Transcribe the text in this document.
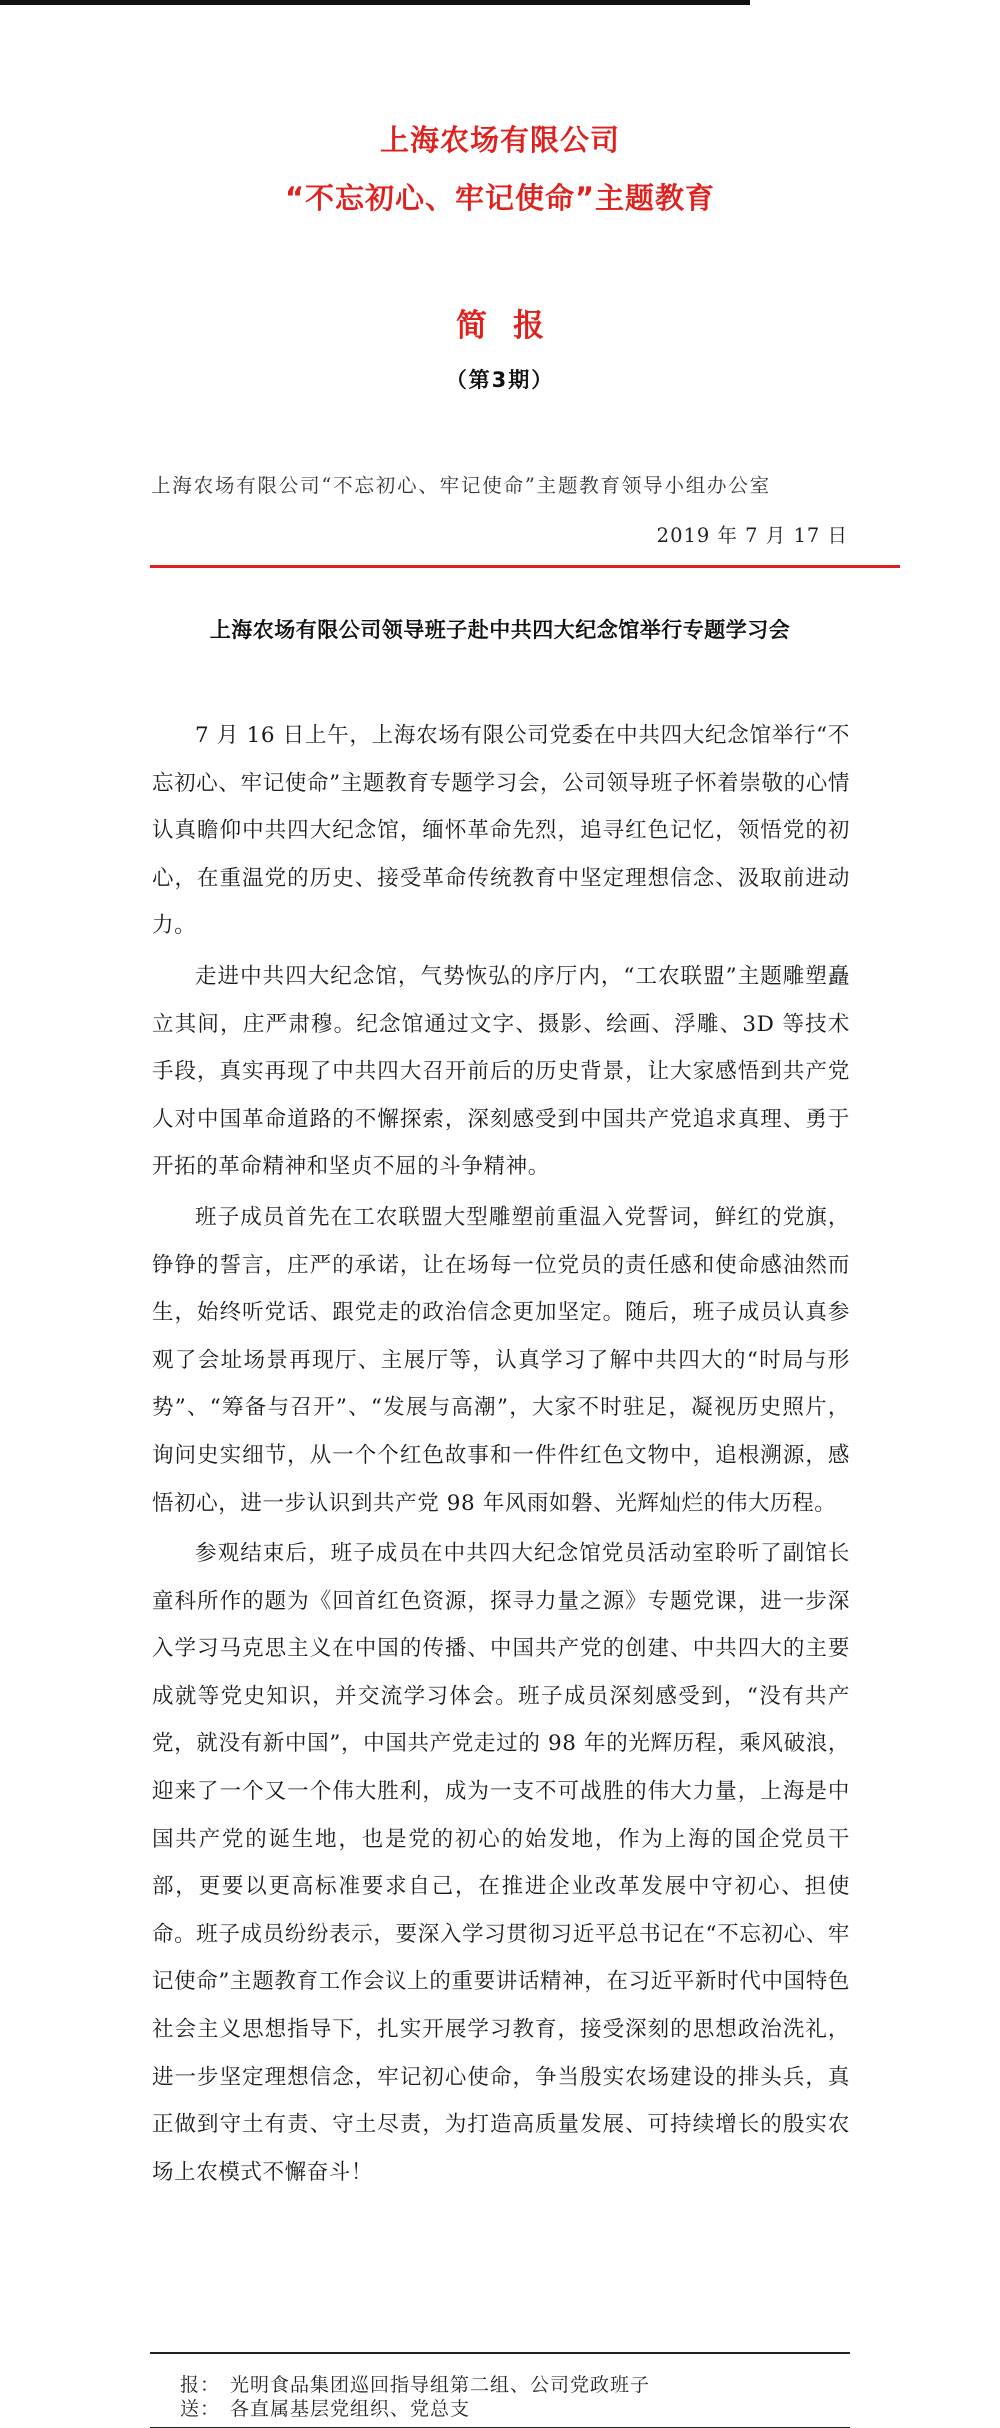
上海农场有限公司
“不忘初心、牢记使命”主题教育
简报
（第3期）
上海农场有限公司“不忘初心、牢记使命”主题教育领导小组办公室
2019 年 7 月 17 日
上海农场有限公司领导班子赴中共四大纪念馆举行专题学习会

7 月 16 日上午，上海农场有限公司党委在中共四大纪念馆举行“不忘初心、牢记使命”主题教育专题学习会，公司领导班子怀着崇敬的心情认真瞻仰中共四大纪念馆，缅怀革命先烈，追寻红色记忆，领悟党的初心，在重温党的历史、接受革命传统教育中坚定理想信念、汲取前进动力。

走进中共四大纪念馆，气势恢弘的序厅内，“工农联盟”主题雕塑矗立其间，庄严肃穆。纪念馆通过文字、摄影、绘画、浮雕、3D 等技术手段，真实再现了中共四大召开前后的历史背景，让大家感悟到共产党人对中国革命道路的不懈探索，深刻感受到中国共产党追求真理、勇于开拓的革命精神和坚贞不屈的斗争精神。

班子成员首先在工农联盟大型雕塑前重温入党誓词，鲜红的党旗，铮铮的誓言，庄严的承诺，让在场每一位党员的责任感和使命感油然而生，始终听党话、跟党走的政治信念更加坚定。随后，班子成员认真参观了会址场景再现厅、主展厅等，认真学习了解中共四大的“时局与形势”、“筹备与召开”、“发展与高潮”，大家不时驻足，凝视历史照片，询问史实细节，从一个个红色故事和一件件红色文物中，追根溯源，感悟初心，进一步认识到共产党 98 年风雨如磐、光辉灿烂的伟大历程。

参观结束后，班子成员在中共四大纪念馆党员活动室聆听了副馆长童科所作的题为《回首红色资源，探寻力量之源》专题党课，进一步深入学习马克思主义在中国的传播、中国共产党的创建、中共四大的主要成就等党史知识，并交流学习体会。班子成员深刻感受到，“没有共产党，就没有新中国”，中国共产党走过的 98 年的光辉历程，乘风破浪，迎来了一个又一个伟大胜利，成为一支不可战胜的伟大力量，上海是中国共产党的诞生地，也是党的初心的始发地，作为上海的国企党员干部，更要以更高标准要求自己，在推进企业改革发展中守初心、担使命。班子成员纷纷表示，要深入学习贯彻习近平总书记在“不忘初心、牢记使命”主题教育工作会议上的重要讲话精神，在习近平新时代中国特色社会主义思想指导下，扎实开展学习教育，接受深刻的思想政治洗礼，进一步坚定理想信念，牢记初心使命，争当殷实农场建设的排头兵，真正做到守土有责、守土尽责，为打造高质量发展、可持续增长的殷实农场上农模式不懈奋斗！

报： 光明食品集团巡回指导组第二组、公司党政班子
送： 各直属基层党组织、党总支
